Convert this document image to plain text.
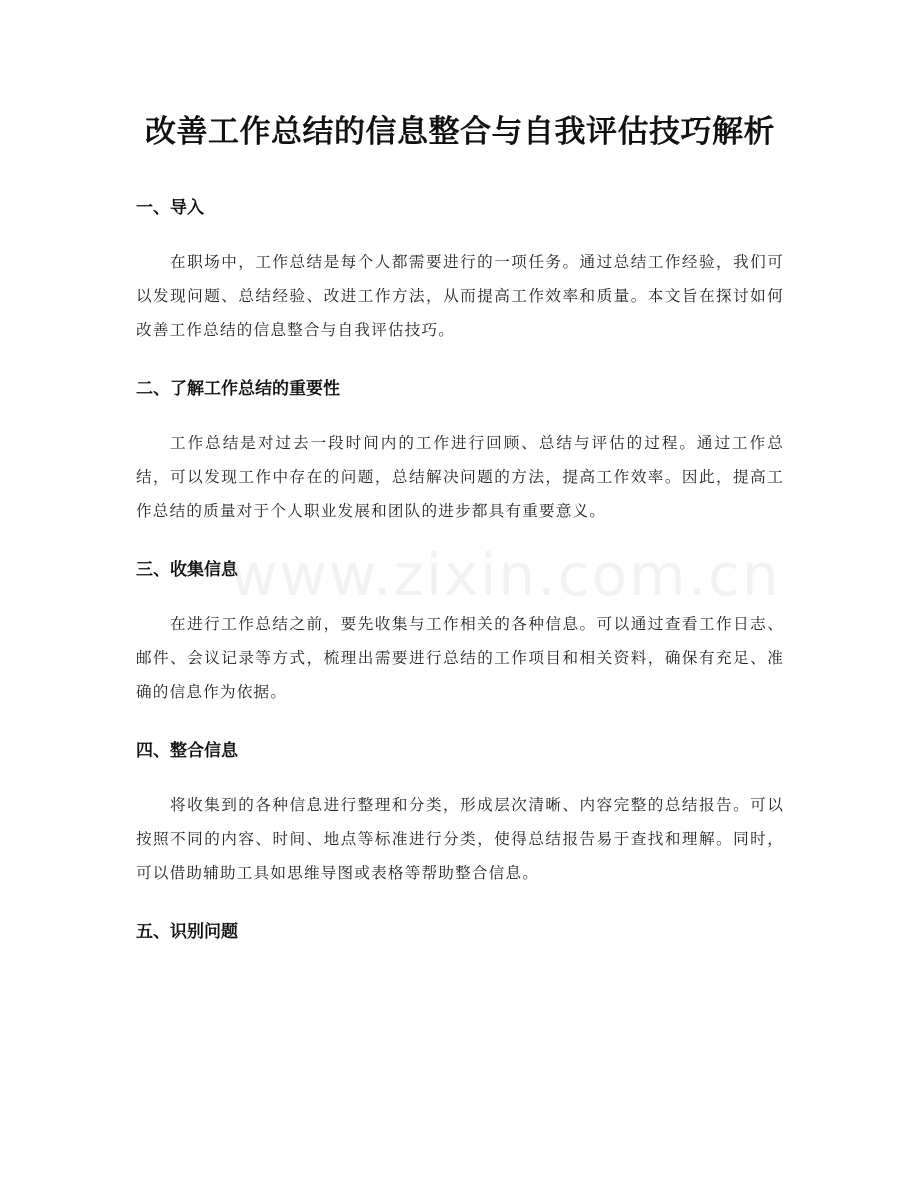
改善工作总结的信息整合与自我评估技巧解析
一、导入

在职场中，工作总结是每个人都需要进行的一项任务。通过总结工作经验，我们可以发现问题、总结经验、改进工作方法，从而提高工作效率和质量。本文旨在探讨如何改善工作总结的信息整合与自我评估技巧。

二、了解工作总结的重要性

工作总结是对过去一段时间内的工作进行回顾、总结与评估的过程。通过工作总结，可以发现工作中存在的问题，总结解决问题的方法，提高工作效率。因此，提高工作总结的质量对于个人职业发展和团队的进步都具有重要意义。

三、收集信息

在进行工作总结之前，要先收集与工作相关的各种信息。可以通过查看工作日志、邮件、会议记录等方式，梳理出需要进行总结的工作项目和相关资料，确保有充足、准确的信息作为依据。

四、整合信息

将收集到的各种信息进行整理和分类，形成层次清晰、内容完整的总结报告。可以按照不同的内容、时间、地点等标准进行分类，使得总结报告易于查找和理解。同时，可以借助辅助工具如思维导图或表格等帮助整合信息。

五、识别问题
www.zixin.com.cn
